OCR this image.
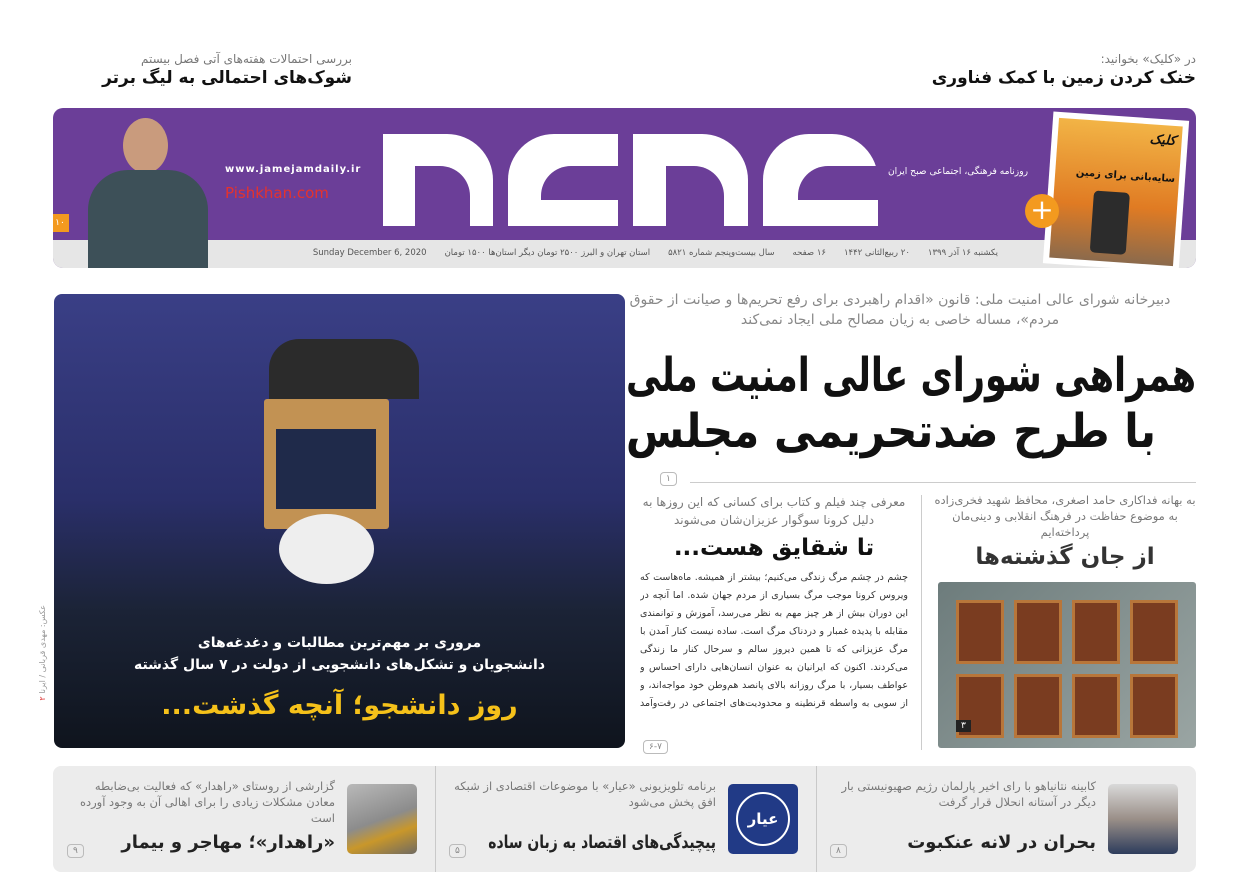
در «کلیک» بخوانید:
خنک کردن زمین با کمک فناوری
بررسی احتمالات هفته‌های آتی فصل بیستم
شوک‌های احتمالی به لیگ برتر
روزنامه فرهنگی، اجتماعی صبح ایران
www.jamejamdaily.ir
Pishkhan.com
۱۰
کلیک
سایه‌بانی برای زمین
+
یکشنبه ۱۶ آذر ۱۳۹۹
۲۰ ربیع‌الثانی ۱۴۴۲
۱۶ صفحه
سال بیست‌وپنجم شماره ۵۸۲۱
استان تهران و البرز ۲۵۰۰ تومان دیگر استان‌ها ۱۵۰۰ تومان
Sunday December 6, 2020
دبیرخانه شورای عالی امنیت ملی: قانون «اقدام راهبردی برای رفع تحریم‌ها و صیانت از حقوق مردم»، مساله خاصی به زیان مصالح ملی ایجاد نمی‌کند
همراهی شورای عالی امنیت ملی
با طرح ضدتحریمی مجلس
۱
مروری بر مهم‌ترین مطالبات و دغدغه‌های
دانشجویان و تشکل‌های دانشجویی از دولت در ۷ سال گذشته
روز دانشجو؛ آنچه گذشت...
عکس: مهدی قربانی / ایرنا ۲
معرفی چند فیلم و کتاب برای کسانی که این روزها به دلیل کرونا سوگوار عزیزان‌شان می‌شوند
تا شقایق هست...
چشم در چشم مرگ زندگی می‌کنیم؛ بیشتر از همیشه. ماه‌هاست که ویروس کرونا موجب مرگ بسیاری از مردم جهان شده. اما آنچه در این دوران بیش از هر چیز مهم به نظر می‌رسد، آموزش و توانمندی مقابله با پدیده غمبار و دردناک مرگ است. ساده نیست کنار آمدن با مرگ عزیزانی که تا همین دیروز سالم و سرحال کنار ما زندگی می‌کردند. اکنون که ایرانیان به عنوان انسان‌هایی دارای احساس و عواطف بسیار، با مرگ روزانه بالای پانصد هم‌وطن خود مواجه‌اند، و از سویی به واسطه قرنطینه و محدودیت‌های اجتماعی در رفت‌وآمد
۶-۷
به بهانه فداکاری حامد اصغری، محافظ شهید فخری‌زاده به موضوع حفاظت در فرهنگ انقلابی و دینی‌مان پرداخته‌ایم
از جان گذشته‌ها
۳
کابینه نتانیاهو با رای اخیر پارلمان رژیم صهیونیستی بار دیگر در آستانه انحلال قرار گرفت
بحران در لانه عنکبوت
۸
عیار
برنامه تلویزیونی «عیار» با موضوعات اقتصادی از شبکه افق پخش می‌شود
پیچیدگی‌های اقتصاد به زبان ساده
۵
گزارشی از روستای «راهدار» که فعالیت بی‌ضابطه معادن مشکلات زیادی را برای اهالی آن به وجود آورده است
«راهدار»؛ مهاجر و بیمار
۹
